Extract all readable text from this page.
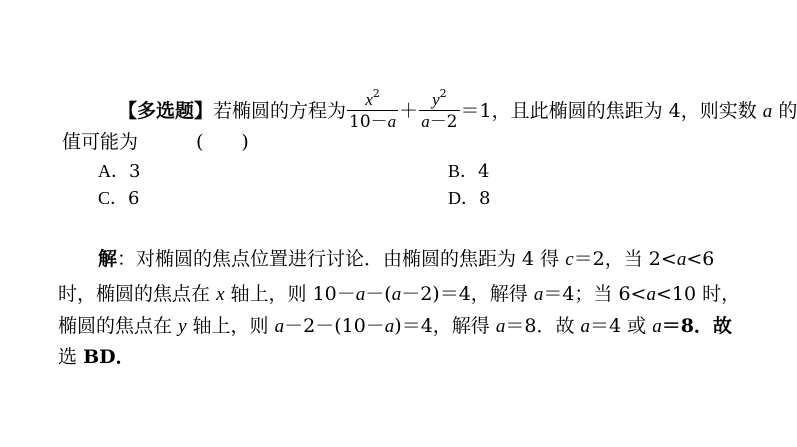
【多选题】若椭圆的方程为 $\frac{x^2}{10-a} + \frac{y^2}{a-2} =1$，且此椭圆的焦距为 4，则实数 a 的
值可能为	(　　)
A．3	B．4
C．6	D．8
解：对椭圆的焦点位置进行讨论．由椭圆的焦距为 4 得 c＝2，当 2<a<6
时，椭圆的焦点在 x 轴上，则 10－a－(a－2)＝4，解得 a＝4；当 6<a<10 时，
椭圆的焦点在 y 轴上，则 a－2－(10－a)＝4，解得 a＝8．故 a＝4 或 a＝8．故
选 BD．
